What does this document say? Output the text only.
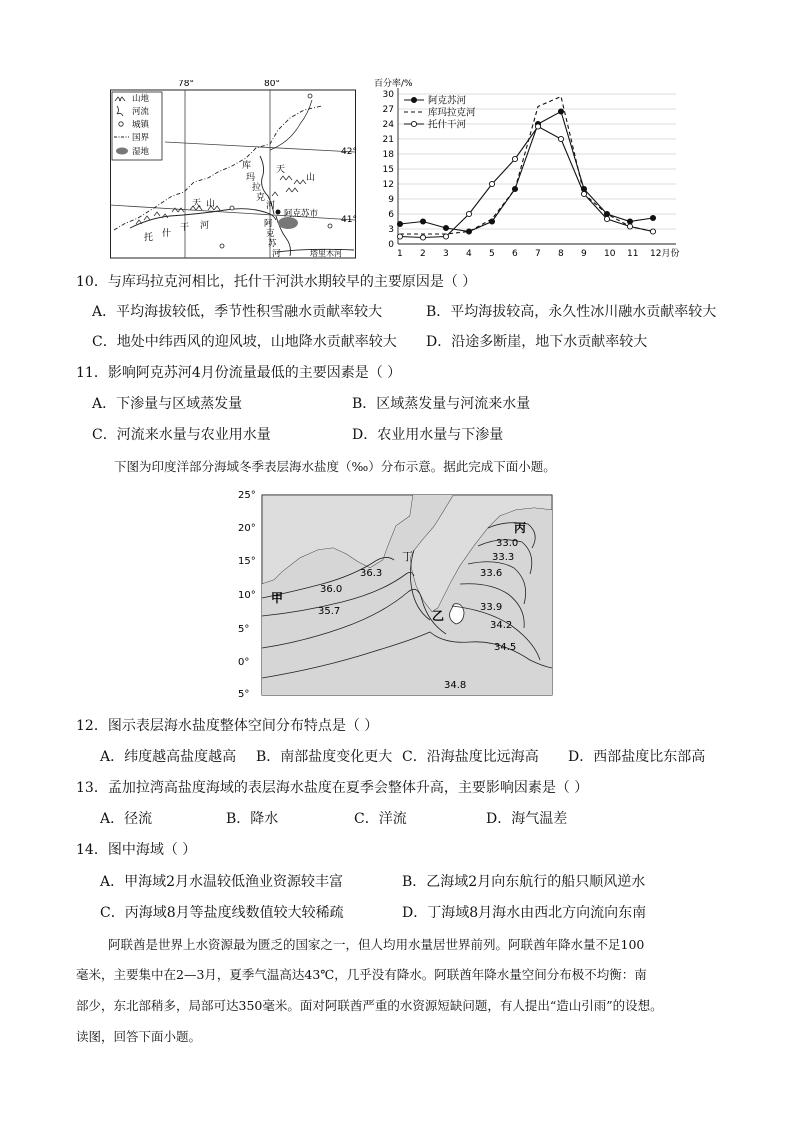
78°	80°
42°
41°
山地
河流
城镇
国界
湿地
天 山
天
山
库
玛
拉
克
河
托 什
干 河
阿克苏市
阿
克
苏
河	塔里木河
0
3
6
9
12
15
18
21
24
27
30
百分率/%
1 2 3 4 5 6 7 8 9 10 11 12月份
阿克苏河
库玛拉克河
托什干河
10．与库玛拉克河相比，托什干河洪水期较早的主要原因是（ ）
A．平均海拔较低，季节性积雪融水贡献率较大	B．平均海拔较高，永久性冰川融水贡献率较大
C．地处中纬西风的迎风坡，山地降水贡献率较大 D．沿途多断崖，地下水贡献率较大
11．影响阿克苏河4月份流量最低的主要因素是（ ）
A．下渗量与区域蒸发量	B．区域蒸发量与河流来水量
C．河流来水量与农业用水量	D．农业用水量与下渗量
下图为印度洋部分海域冬季表层海水盐度（‰）分布示意。据此完成下面小题。
25°
20°
15°
10°
5°
0°
5°
甲
乙
丙
丁
36.3
36.0
35.7
33.0
33.3
33.6
33.9
34.2
34.5
34.8
12．图示表层海水盐度整体空间分布特点是（ ）
A．纬度越高盐度越高 B．南部盐度变化更大 C．沿海盐度比远海高 D．西部盐度比东部高
13．孟加拉湾高盐度海域的表层海水盐度在夏季会整体升高，主要影响因素是（ ）
A．径流	B．降水	C．洋流	D．海气温差
14．图中海域（ ）
A．甲海域2月水温较低渔业资源较丰富	B．乙海域2月向东航行的船只顺风逆水
C．丙海域8月等盐度线数值较大较稀疏	D．丁海域8月海水由西北方向流向东南
阿联酋是世界上水资源最为匮乏的国家之一，但人均用水量居世界前列。阿联酋年降水量不足100
毫米，主要集中在2—3月，夏季气温高达43℃，几乎没有降水。阿联酋年降水量空间分布极不均衡：南
部少，东北部稍多，局部可达350毫米。面对阿联酋严重的水资源短缺问题，有人提出“造山引雨”的设想。
读图，回答下面小题。
